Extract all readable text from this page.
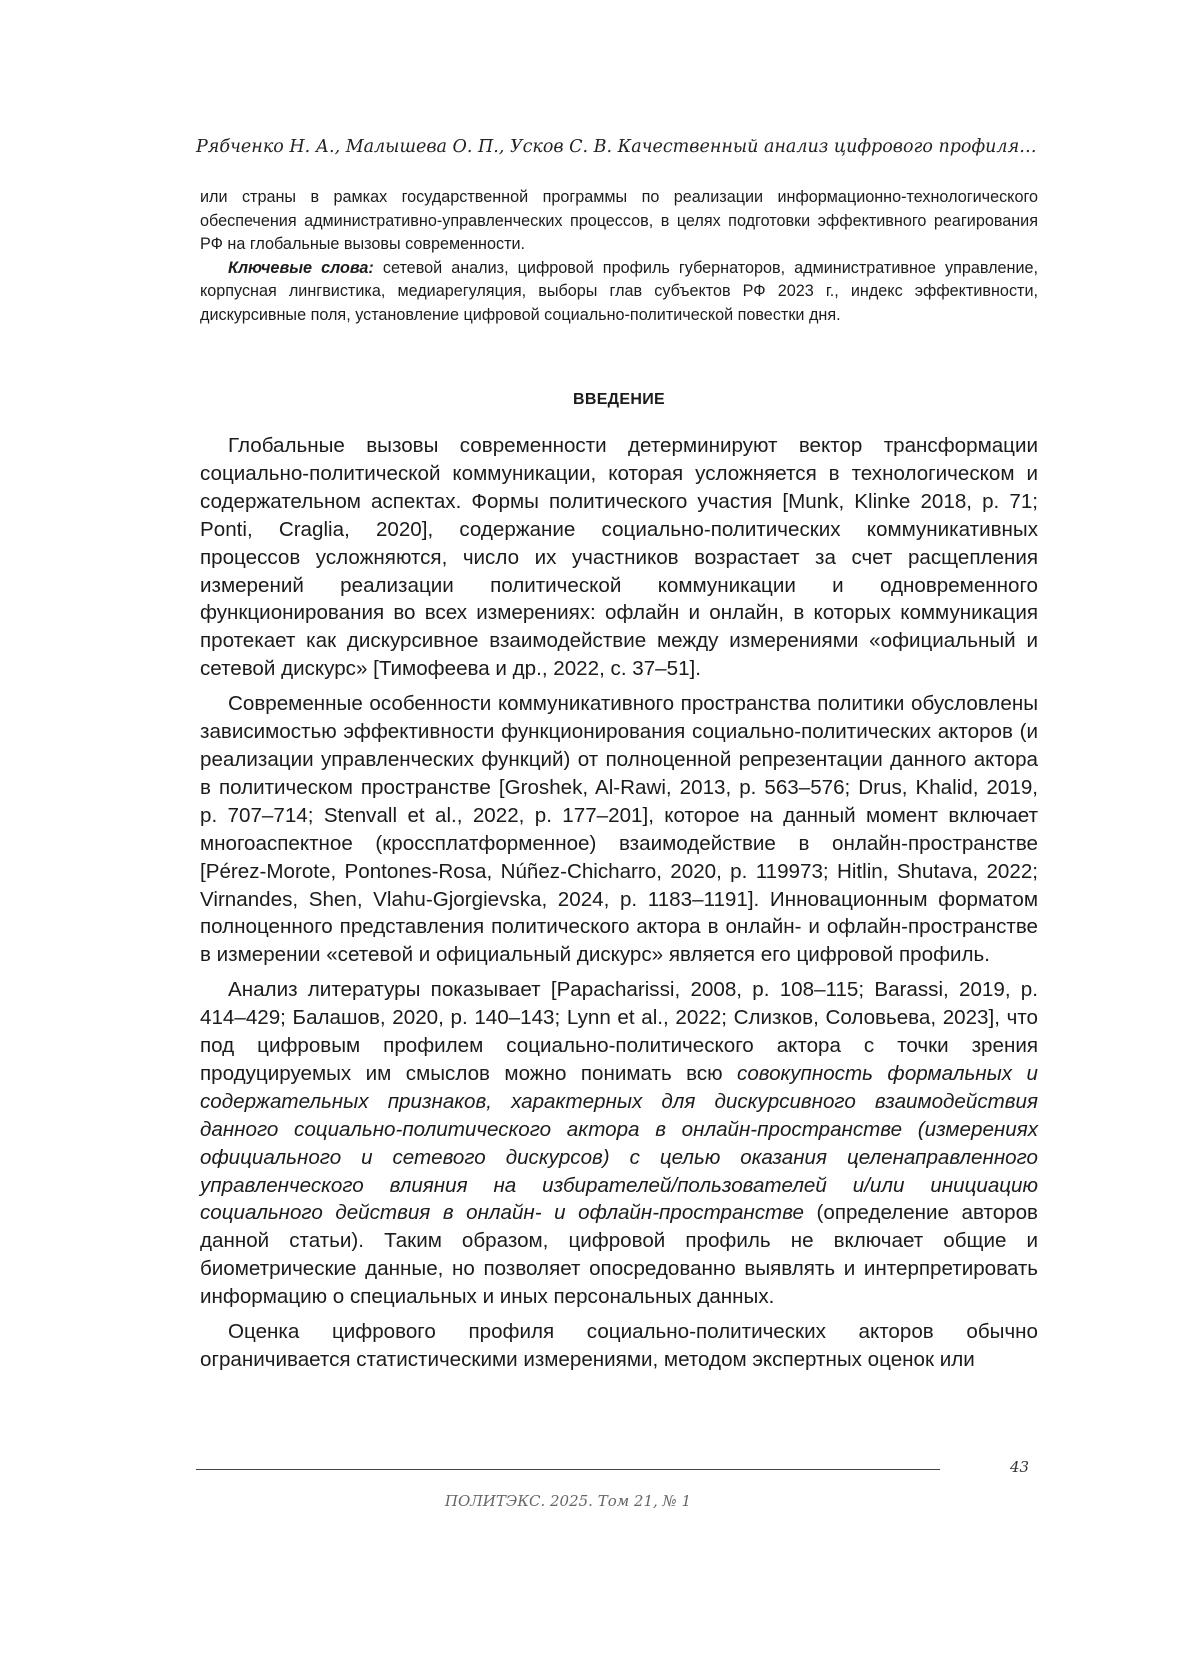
Рябченко Н. А., Малышева О. П., Усков С. В. Качественный анализ цифрового профиля…

или страны в рамках государственной программы по реализации информационно-технологического обеспечения административно-управленческих процессов, в целях подготовки эффективного реагирования РФ на глобальные вызовы современности.

Ключевые слова: сетевой анализ, цифровой профиль губернаторов, административное управление, корпусная лингвистика, медиарегуляция, выборы глав субъектов РФ 2023 г., индекс эффективности, дискурсивные поля, установление цифровой социально-политической повестки дня.

ВВЕДЕНИЕ

Глобальные вызовы современности детерминируют вектор трансформации социально-политической коммуникации, которая усложняется в технологическом и содержательном аспектах. Формы политического участия [Munk, Klinke 2018, p. 71; Ponti, Craglia, 2020], содержание социально-политических коммуникативных процессов усложняются, число их участников возрастает за счет расщепления измерений реализации политической коммуникации и одновременного функционирования во всех измерениях: офлайн и онлайн, в которых коммуникация протекает как дискурсивное взаимодействие между измерениями «официальный и сетевой дискурс» [Тимофеева и др., 2022, с. 37–51].

Современные особенности коммуникативного пространства политики обусловлены зависимостью эффективности функционирования социально-политических акторов (и реализации управленческих функций) от полноценной репрезентации данного актора в политическом пространстве [Groshek, Al-Rawi, 2013, p. 563–576; Drus, Khalid, 2019, p. 707–714; Stenvall et al., 2022, p. 177–201], которое на данный момент включает многоаспектное (кроссплатформенное) взаимодействие в онлайн-пространстве [Pérez-Morote, Pontones-Rosa, Núñez-Chicharro, 2020, p. 119973; Hitlin, Shutava, 2022; Virnandes, Shen, Vlahu-Gjorgievska, 2024, p. 1183–1191]. Инновационным форматом полноценного представления политического актора в онлайн- и офлайн-пространстве в измерении «сетевой и официальный дискурс» является его цифровой профиль.

Анализ литературы показывает [Papacharissi, 2008, p. 108–115; Barassi, 2019, p. 414–429; Балашов, 2020, p. 140–143; Lynn et al., 2022; Слизков, Соловьева, 2023], что под цифровым профилем социально-политического актора с точки зрения продуцируемых им смыслов можно понимать всю совокупность формальных и содержательных признаков, характерных для дискурсивного взаимодействия данного социально-политического актора в онлайн-пространстве (измерениях официального и сетевого дискурсов) с целью оказания целенаправленного управленческого влияния на избирателей/пользователей и/или инициацию социального действия в онлайн- и офлайн-пространстве (определение авторов данной статьи). Таким образом, цифровой профиль не включает общие и биометрические данные, но позволяет опосредованно выявлять и интерпретировать информацию о специальных и иных персональных данных.

Оценка цифрового профиля социально-политических акторов обычно ограничивается статистическими измерениями, методом экспертных оценок или

43
ПОЛИТЭКС. 2025. Том 21, № 1
